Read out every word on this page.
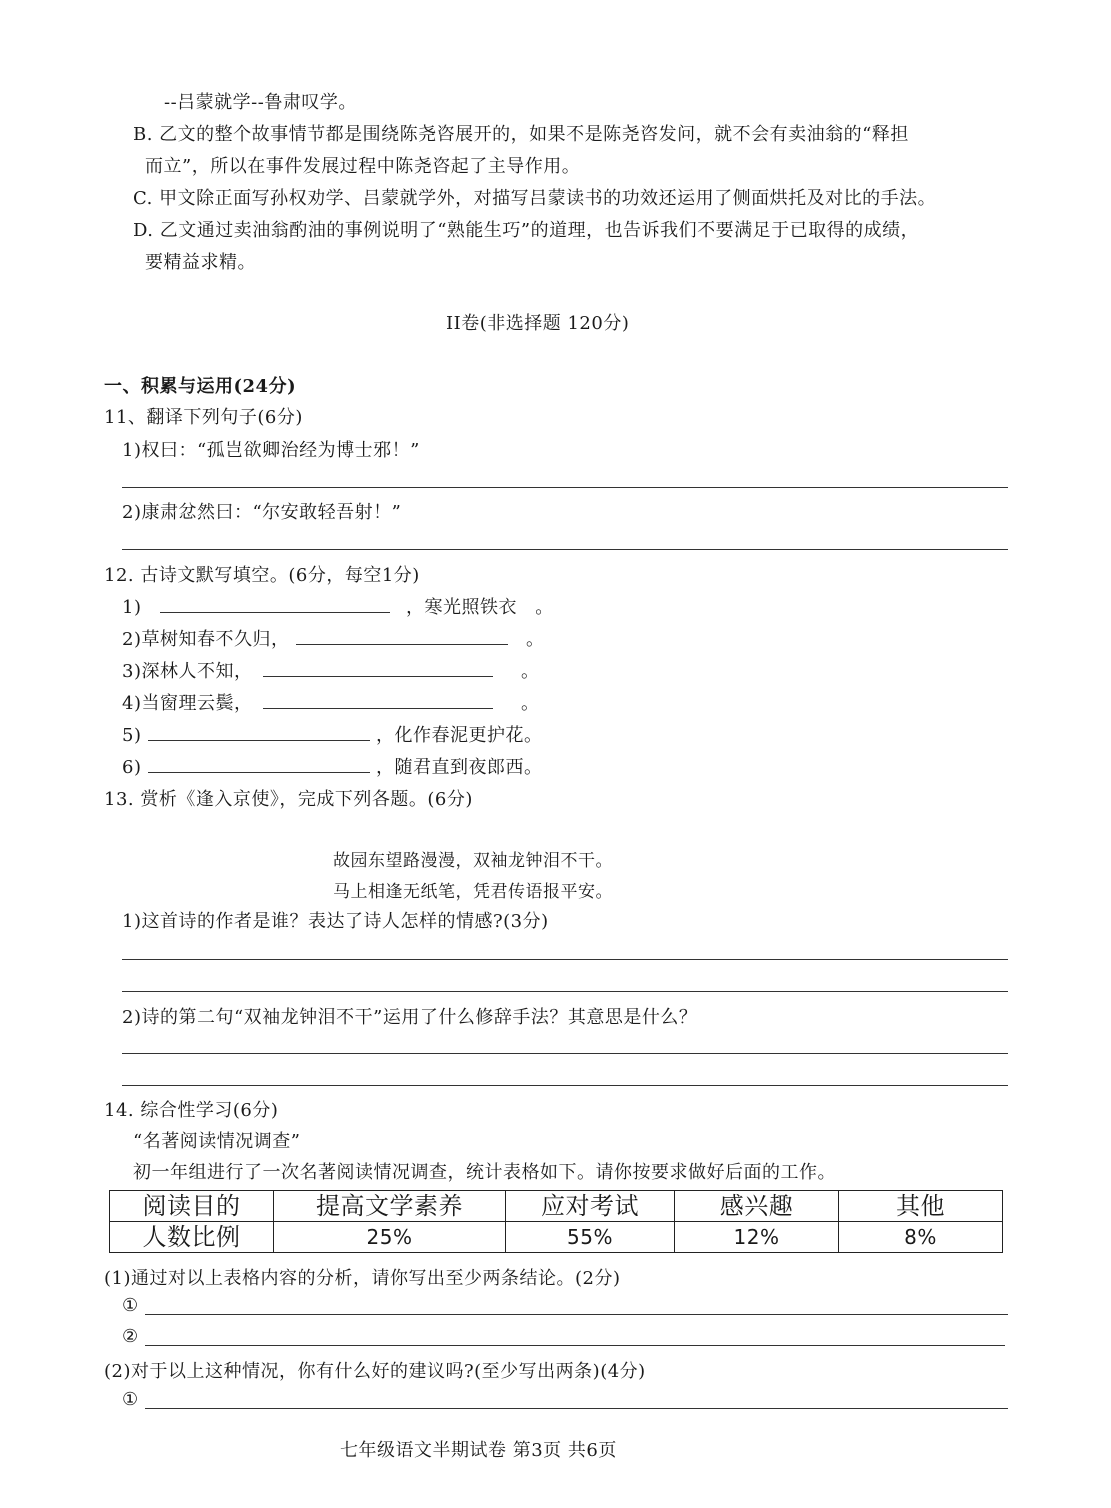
--吕蒙就学--鲁肃叹学。
B. 乙文的整个故事情节都是围绕陈尧咨展开的，如果不是陈尧咨发问，就不会有卖油翁的“释担
而立”，所以在事件发展过程中陈尧咨起了主导作用。
C. 甲文除正面写孙权劝学、吕蒙就学外，对描写吕蒙读书的功效还运用了侧面烘托及对比的手法。
D. 乙文通过卖油翁酌油的事例说明了“熟能生巧”的道理，也告诉我们不要满足于已取得的成绩，
要精益求精。
II卷(非选择题 120分)
一、积累与运用(24分)
11、翻译下列句子(6分)
1)权曰：“孤岂欲卿治经为博士邪！”
2)康肃忿然曰：“尔安敢轻吾射！”
12. 古诗文默写填空。(6分，每空1分)
1)	，寒光照铁衣 。
2)草树知春不久归，	。
3)深林人不知，	。
4)当窗理云鬓，	。
5)	，化作春泥更护花。
6)	，随君直到夜郎西。
13. 赏析《逢入京使》，完成下列各题。(6分)
故园东望路漫漫，双袖龙钟泪不干。
马上相逢无纸笔，凭君传语报平安。
1)这首诗的作者是谁？表达了诗人怎样的情感?(3分)
2)诗的第二句“双袖龙钟泪不干”运用了什么修辞手法？其意思是什么？
14. 综合性学习(6分)
“名著阅读情况调查”
初一年组进行了一次名著阅读情况调查，统计表格如下。请你按要求做好后面的工作。
阅读目的	提高文学素养	应对考试	感兴趣	其他
人数比例	25%	55%	12%	8%
(1)通过对以上表格内容的分析，请你写出至少两条结论。(2分)
①
②
(2)对于以上这种情况，你有什么好的建议吗?(至少写出两条)(4分)
①
七年级语文半期试卷 第3页 共6页
